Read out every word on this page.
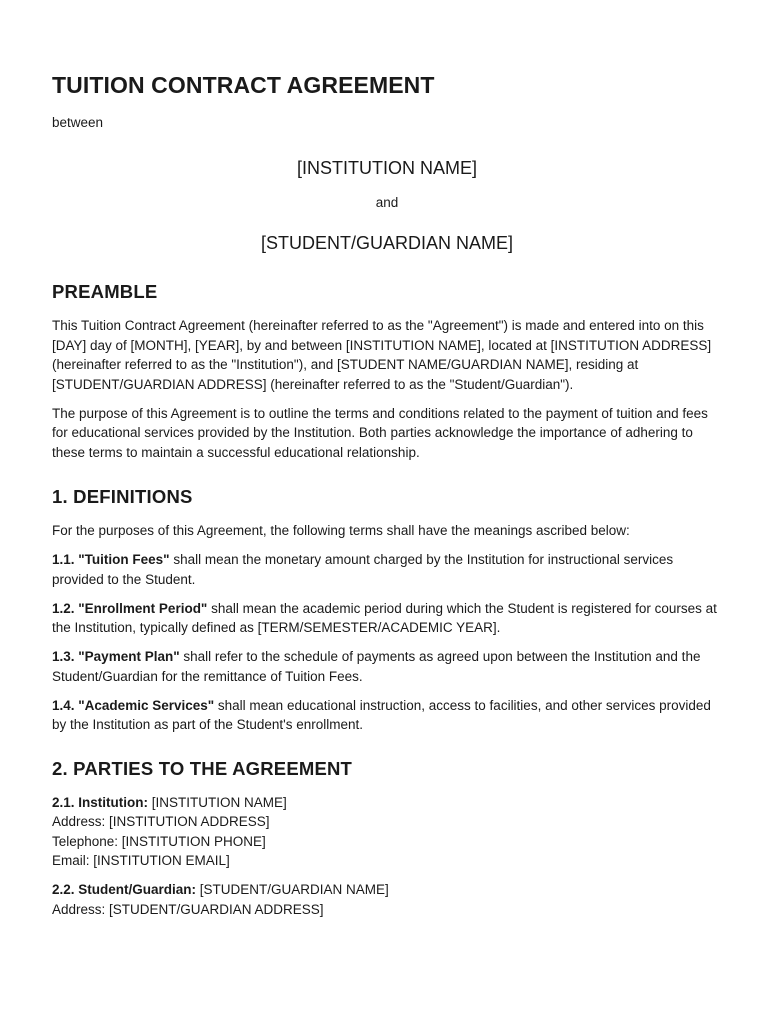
TUITION CONTRACT AGREEMENT
between
[INSTITUTION NAME]
and
[STUDENT/GUARDIAN NAME]
PREAMBLE

This Tuition Contract Agreement (hereinafter referred to as the "Agreement") is made and entered into on this [DAY] day of [MONTH], [YEAR], by and between [INSTITUTION NAME], located at [INSTITUTION ADDRESS] (hereinafter referred to as the "Institution"), and [STUDENT NAME/GUARDIAN NAME], residing at [STUDENT/GUARDIAN ADDRESS] (hereinafter referred to as the "Student/Guardian").

The purpose of this Agreement is to outline the terms and conditions related to the payment of tuition and fees for educational services provided by the Institution. Both parties acknowledge the importance of adhering to these terms to maintain a successful educational relationship.

1. DEFINITIONS

For the purposes of this Agreement, the following terms shall have the meanings ascribed below:

1.1. "Tuition Fees" shall mean the monetary amount charged by the Institution for instructional services provided to the Student.

1.2. "Enrollment Period" shall mean the academic period during which the Student is registered for courses at the Institution, typically defined as [TERM/SEMESTER/ACADEMIC YEAR].

1.3. "Payment Plan" shall refer to the schedule of payments as agreed upon between the Institution and the Student/Guardian for the remittance of Tuition Fees.

1.4. "Academic Services" shall mean educational instruction, access to facilities, and other services provided by the Institution as part of the Student's enrollment.

2. PARTIES TO THE AGREEMENT
2.1. Institution: [INSTITUTION NAME]
Address: [INSTITUTION ADDRESS]
Telephone: [INSTITUTION PHONE]
Email: [INSTITUTION EMAIL]
2.2. Student/Guardian: [STUDENT/GUARDIAN NAME]
Address: [STUDENT/GUARDIAN ADDRESS]
